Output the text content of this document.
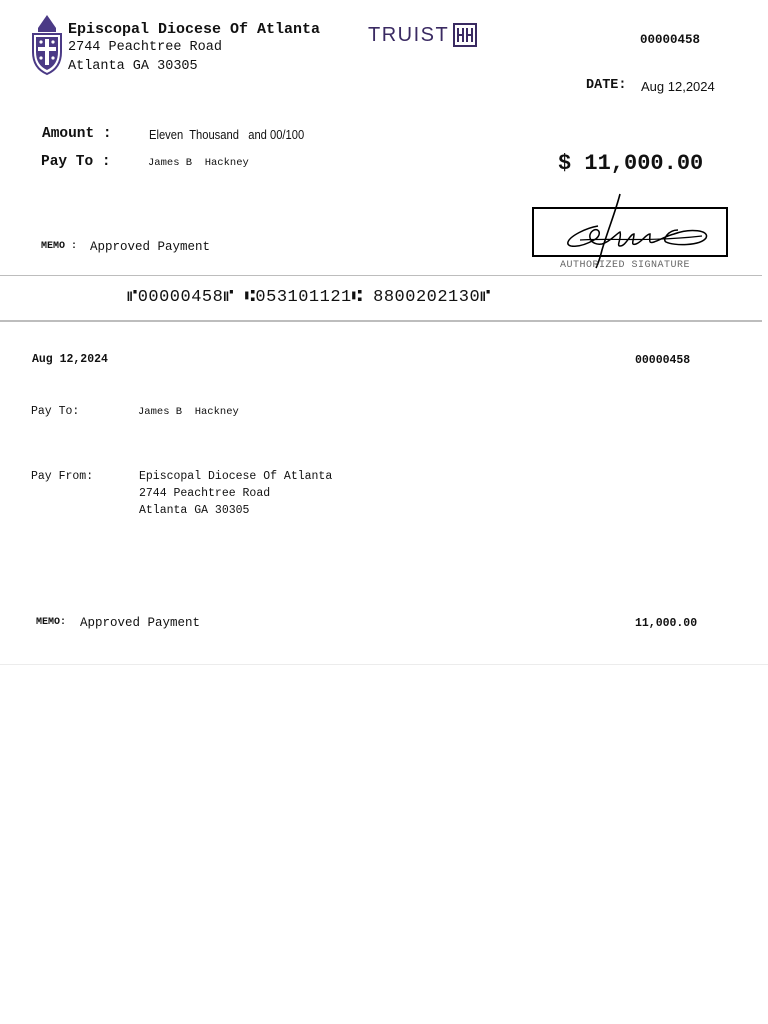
Episcopal Diocese Of Atlanta
2744 Peachtree Road
Atlanta GA 30305
TRUIST	00000458
DATE: Aug 12,2024
Amount :	Eleven  Thousand   and 00/100
Pay To :	James B  Hackney	$ 11,000.00
MEMO : Approved Payment
AUTHORIZED SIGNATURE
⑈00000458⑈ ⑆053101121⑆ 8800202130⑈
Aug 12,2024	00000458
Pay To:	James B  Hackney
Pay From:	Episcopal Diocese Of Atlanta
2744 Peachtree Road
Atlanta GA 30305
MEMO: Approved Payment	11,000.00
